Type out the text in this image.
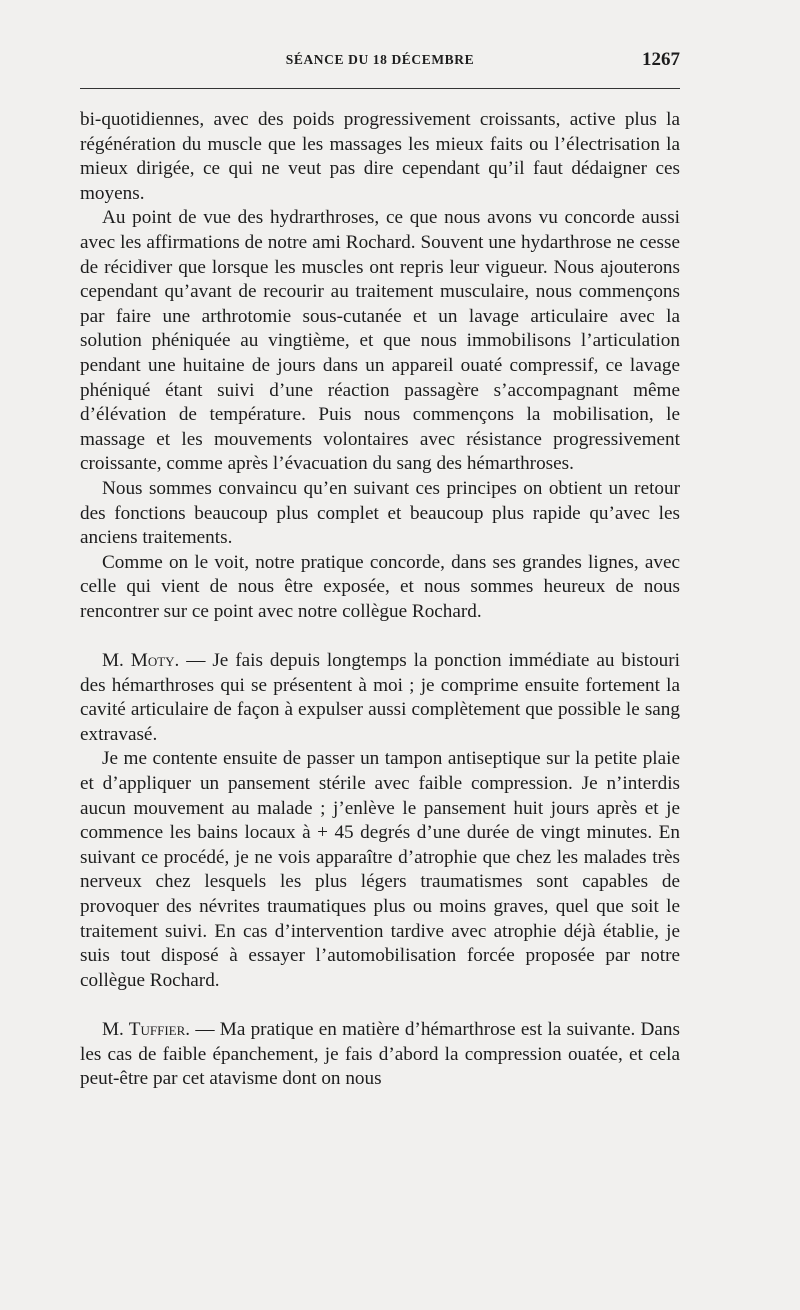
SÉANCE DU 18 DÉCEMBRE	1267

bi-quotidiennes, avec des poids progressivement croissants, active plus la régénération du muscle que les massages les mieux faits ou l’électrisation la mieux dirigée, ce qui ne veut pas dire cependant qu’il faut dédaigner ces moyens.

Au point de vue des hydrarthroses, ce que nous avons vu concorde aussi avec les affirmations de notre ami Rochard. Souvent une hydarthrose ne cesse de récidiver que lorsque les muscles ont repris leur vigueur. Nous ajouterons cependant qu’avant de recourir au traitement musculaire, nous commençons par faire une arthrotomie sous-cutanée et un lavage articulaire avec la solution phéniquée au vingtième, et que nous immobilisons l’articulation pendant une huitaine de jours dans un appareil ouaté compressif, ce lavage phéniqué étant suivi d’une réaction passagère s’accompagnant même d’élévation de température. Puis nous commençons la mobilisation, le massage et les mouvements volontaires avec résistance progressivement croissante, comme après l’évacuation du sang des hémarthroses.

Nous sommes convaincu qu’en suivant ces principes on obtient un retour des fonctions beaucoup plus complet et beaucoup plus rapide qu’avec les anciens traitements.

Comme on le voit, notre pratique concorde, dans ses grandes lignes, avec celle qui vient de nous être exposée, et nous sommes heureux de nous rencontrer sur ce point avec notre collègue Rochard.

M. Moty. — Je fais depuis longtemps la ponction immédiate au bistouri des hémarthroses qui se présentent à moi ; je comprime ensuite fortement la cavité articulaire de façon à expulser aussi complètement que possible le sang extravasé.

Je me contente ensuite de passer un tampon antiseptique sur la petite plaie et d’appliquer un pansement stérile avec faible compression. Je n’interdis aucun mouvement au malade ; j’enlève le pansement huit jours après et je commence les bains locaux à + 45 degrés d’une durée de vingt minutes. En suivant ce procédé, je ne vois apparaître d’atrophie que chez les malades très nerveux chez lesquels les plus légers traumatismes sont capables de provoquer des névrites traumatiques plus ou moins graves, quel que soit le traitement suivi. En cas d’intervention tardive avec atrophie déjà établie, je suis tout disposé à essayer l’automobilisation forcée proposée par notre collègue Rochard.

M. Tuffier. — Ma pratique en matière d’hémarthrose est la suivante. Dans les cas de faible épanchement, je fais d’abord la compression ouatée, et cela peut-être par cet atavisme dont on nous
